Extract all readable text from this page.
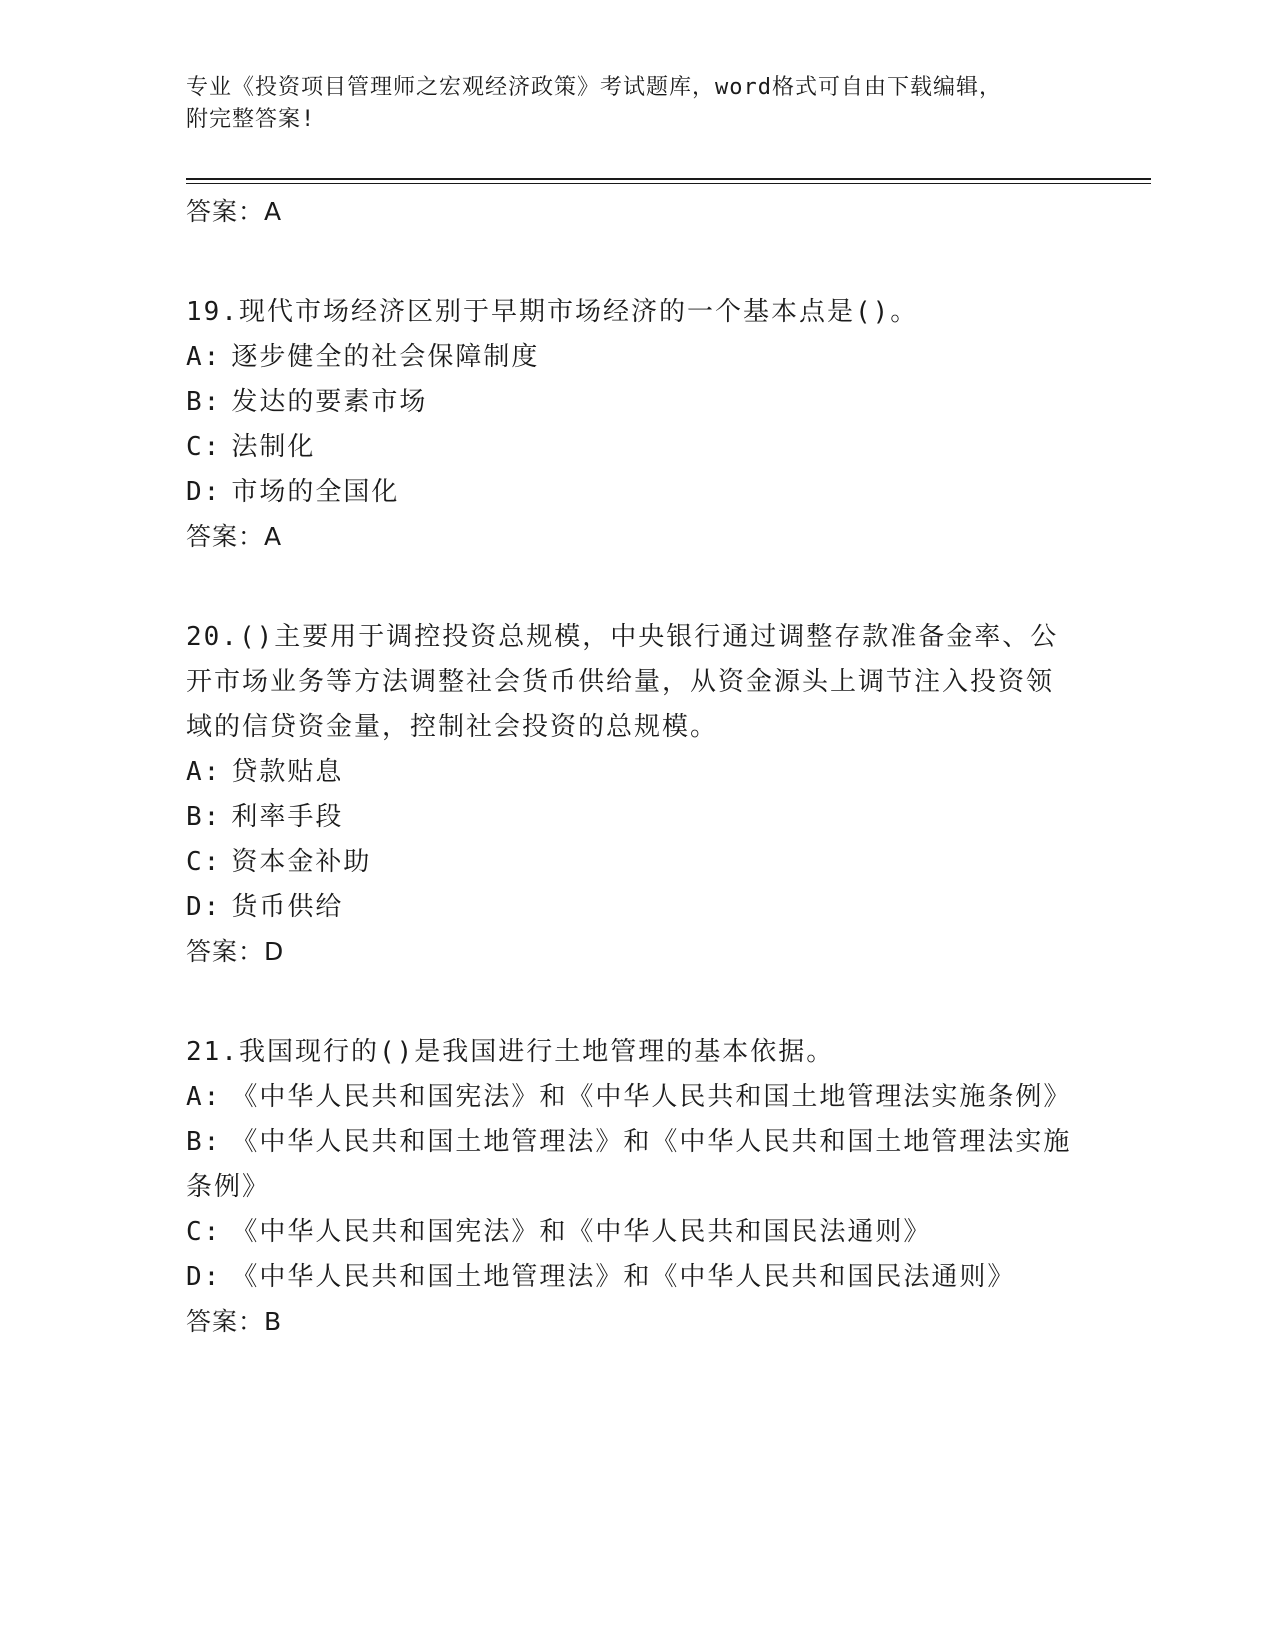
专业《投资项目管理师之宏观经济政策》考试题库，word格式可自由下载编辑，
附完整答案!
答案：A
19.现代市场经济区别于早期市场经济的一个基本点是()。
A: 逐步健全的社会保障制度
B: 发达的要素市场
C: 法制化
D: 市场的全国化
答案：A
20.()主要用于调控投资总规模，中央银行通过调整存款准备金率、公开市场业务等方法调整社会货币供给量，从资金源头上调节注入投资领域的信贷资金量，控制社会投资的总规模。
A: 贷款贴息
B: 利率手段
C: 资本金补助
D: 货币供给
答案：D
21.我国现行的()是我国进行土地管理的基本依据。
A: 《中华人民共和国宪法》和《中华人民共和国土地管理法实施条例》
B: 《中华人民共和国土地管理法》和《中华人民共和国土地管理法实施条例》
C: 《中华人民共和国宪法》和《中华人民共和国民法通则》
D: 《中华人民共和国土地管理法》和《中华人民共和国民法通则》
答案：B
